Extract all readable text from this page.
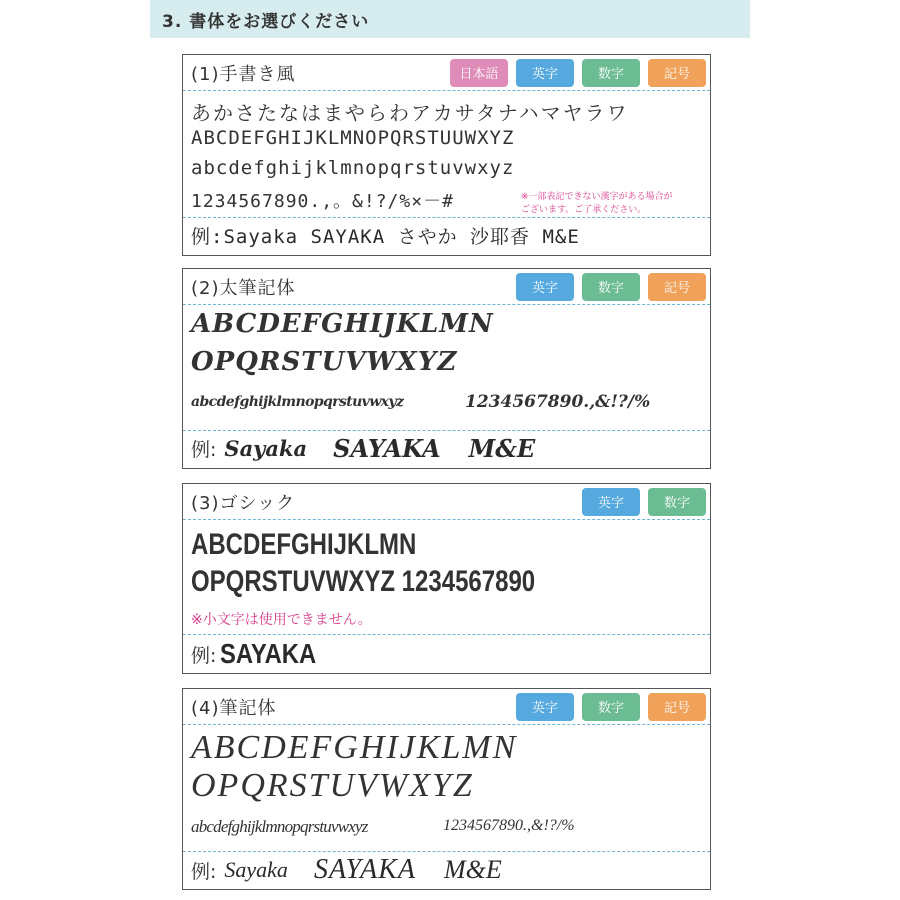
3. 書体をお選びください
(1)手書き風	日本語	英字	数字	記号
あかさたなはまやらわアカサタナハマヤラワ
ABCDEFGHIJKLMNOPQRSTUUWXYZ
abcdefghijklmnopqrstuvwxyz
1234567890.,。&!?/%×－#	※一部表記できない漢字がある場合が
ございます。ご了承ください。
例:Sayaka SAYAKA さやか 沙耶香 M&E
(2)太筆記体	英字	数字	記号
ABCDEFGHIJKLMN
OPQRSTUVWXYZ
abcdefghijklmnopqrstuvwxyz	1234567890.,&!?/%
例: Sayaka SAYAKA M&E
(3)ゴシック	英字	数字
ABCDEFGHIJKLMN
OPQRSTUVWXYZ 1234567890
※小文字は使用できません。
例: SAYAKA
(4)筆記体	英字	数字	記号
ABCDEFGHIJKLMN
OPQRSTUVWXYZ
abcdefghijklmnopqrstuvwxyz	1234567890.,&!?/%
例: Sayaka SAYAKA M&E
